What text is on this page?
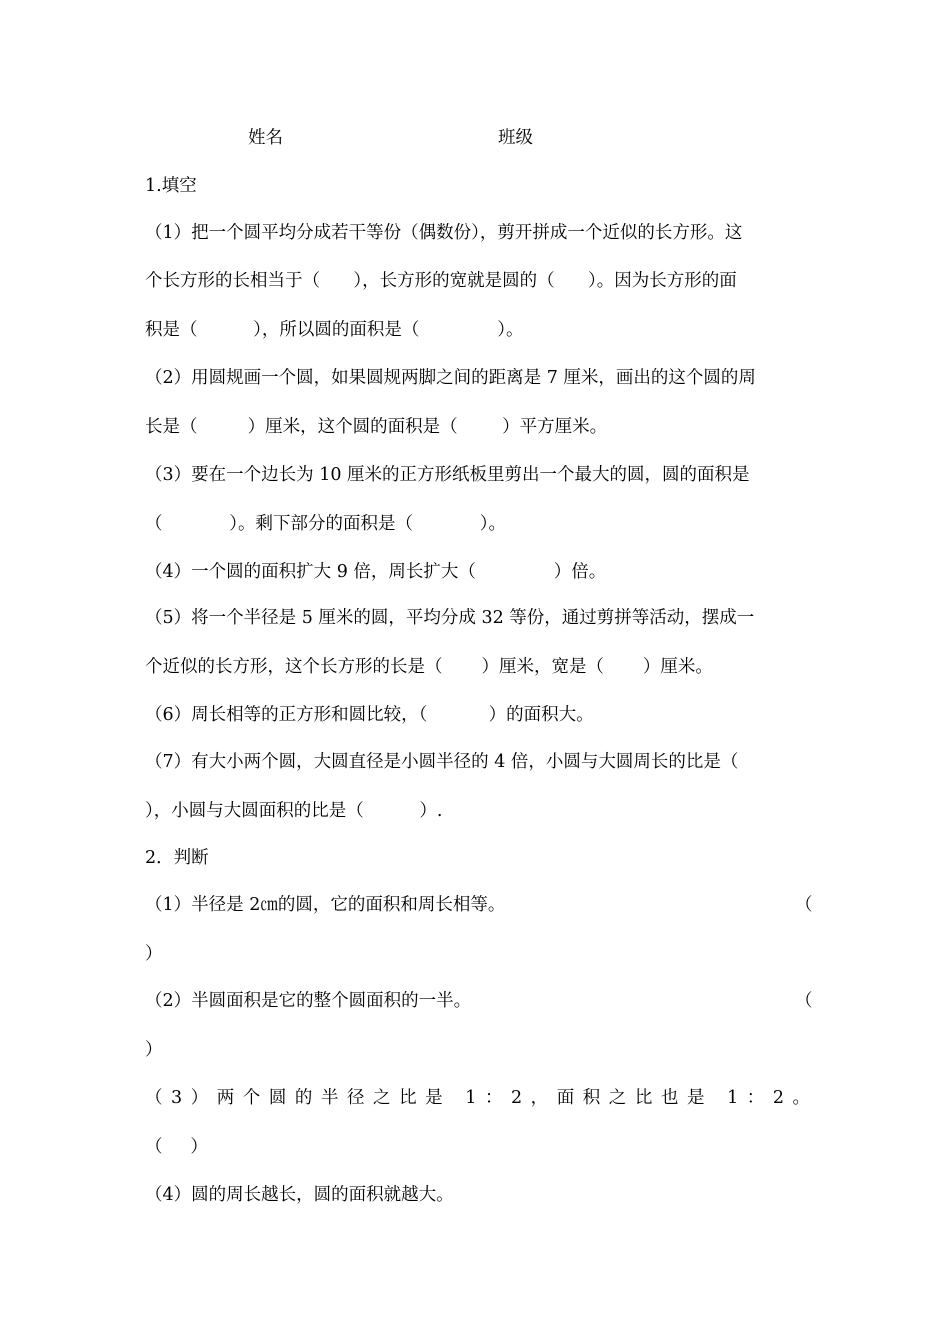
姓名	班级
1.填空
（1）把一个圆平均分成若干等份（偶数份），剪开拼成一个近似的长方形。这
个长方形的长相当于（      ），长方形的宽就是圆的（      ）。因为长方形的面
积是（          ），所以圆的面积是（              ）。
（2）用圆规画一个圆，如果圆规两脚之间的距离是 7 厘米，画出的这个圆的周
长是（         ）厘米，这个圆的面积是（        ）平方厘米。
（3）要在一个边长为 10 厘米的正方形纸板里剪出一个最大的圆，圆的面积是
（            ）。剩下部分的面积是（            ）。
（4）一个圆的面积扩大 9 倍，周长扩大（              ）倍。
（5）将一个半径是 5 厘米的圆，平均分成 32 等份，通过剪拼等活动，摆成一
个近似的长方形，这个长方形的长是（       ）厘米，宽是（       ）厘米。
（6）周长相等的正方形和圆比较，（           ）的面积大。
（7）有大小两个圆，大圆直径是小圆半径的 4 倍，小圆与大圆周长的比是（
），小圆与大圆面积的比是（          ）.
2．判断
（1）半径是 2㎝的圆，它的面积和周长相等。	（
）
（2）半圆面积是它的整个圆面积的一半。	（
）
（3）两个圆的半径之比是 1：2，面积之比也是 1：2。
（     ）
（4）圆的周长越长，圆的面积就越大。
